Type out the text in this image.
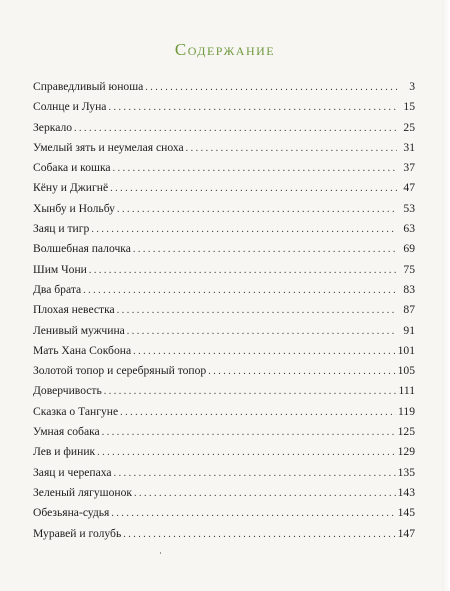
Содержание
Справедливый юноша . . .	3
Солнце и Луна . . .	15
Зеркало . . .	25
Умелый зять и неумелая сноха . . .	31
Собака и кошка . . .	37
Кёну и Джигнё . . .	47
Хынбу и Нольбу . . .	53
Заяц и тигр . . .	63
Волшебная палочка . . .	69
Шим Чони . . .	75
Два брата . . .	83
Плохая невестка . . .	87
Ленивый мужчина . . .	91
Мать Хана Сокбона . . .	101
Золотой топор и серебряный топор . . .	105
Доверчивость . . .	111
Сказка о Тангуне . . .	119
Умная собака . . .	125
Лев и финик . . .	129
Заяц и черепаха . . .	135
Зеленый лягушонок . . .	143
Обезьяна-судья . . .	145
Муравей и голубь . . .	147
